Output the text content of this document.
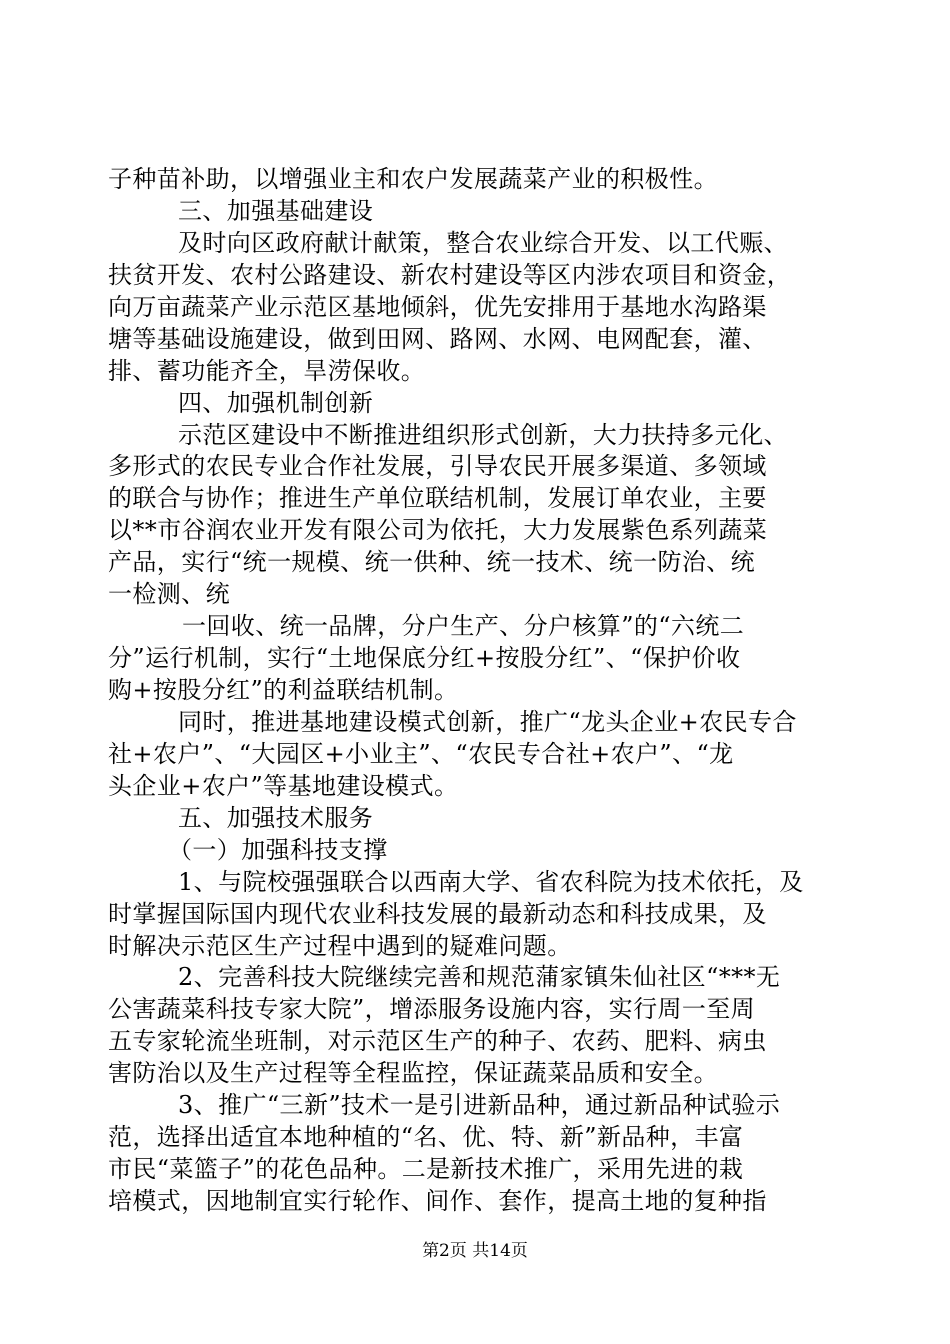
子种苗补助，以增强业主和农户发展蔬菜产业的积极性。
三、加强基础建设
及时向区政府献计献策，整合农业综合开发、以工代赈、
扶贫开发、农村公路建设、新农村建设等区内涉农项目和资金，
向万亩蔬菜产业示范区基地倾斜，优先安排用于基地水沟路渠
塘等基础设施建设，做到田网、路网、水网、电网配套，灌、
排、蓄功能齐全，旱涝保收。
四、加强机制创新
示范区建设中不断推进组织形式创新，大力扶持多元化、
多形式的农民专业合作社发展，引导农民开展多渠道、多领域
的联合与协作；推进生产单位联结机制，发展订单农业，主要
以**市谷润农业开发有限公司为依托，大力发展紫色系列蔬菜
产品，实行“统一规模、统一供种、统一技术、统一防治、统
一检测、统
一回收、统一品牌，分户生产、分户核算”的“六统二
分”运行机制，实行“土地保底分红+按股分红”、“保护价收
购+按股分红”的利益联结机制。
同时，推进基地建设模式创新，推广“龙头企业+农民专合
社+农户”、“大园区+小业主”、“农民专合社+农户”、“龙
头企业+农户”等基地建设模式。
五、加强技术服务
（一）加强科技支撑
1、与院校强强联合以西南大学、省农科院为技术依托，及
时掌握国际国内现代农业科技发展的最新动态和科技成果，及
时解决示范区生产过程中遇到的疑难问题。
2、完善科技大院继续完善和规范蒲家镇朱仙社区“***无
公害蔬菜科技专家大院”，增添服务设施内容，实行周一至周
五专家轮流坐班制，对示范区生产的种子、农药、肥料、病虫
害防治以及生产过程等全程监控，保证蔬菜品质和安全。
3、推广“三新”技术一是引进新品种，通过新品种试验示
范，选择出适宜本地种植的“名、优、特、新”新品种，丰富
市民“菜篮子”的花色品种。二是新技术推广，采用先进的栽
培模式，因地制宜实行轮作、间作、套作，提高土地的复种指
第2页 共14页
